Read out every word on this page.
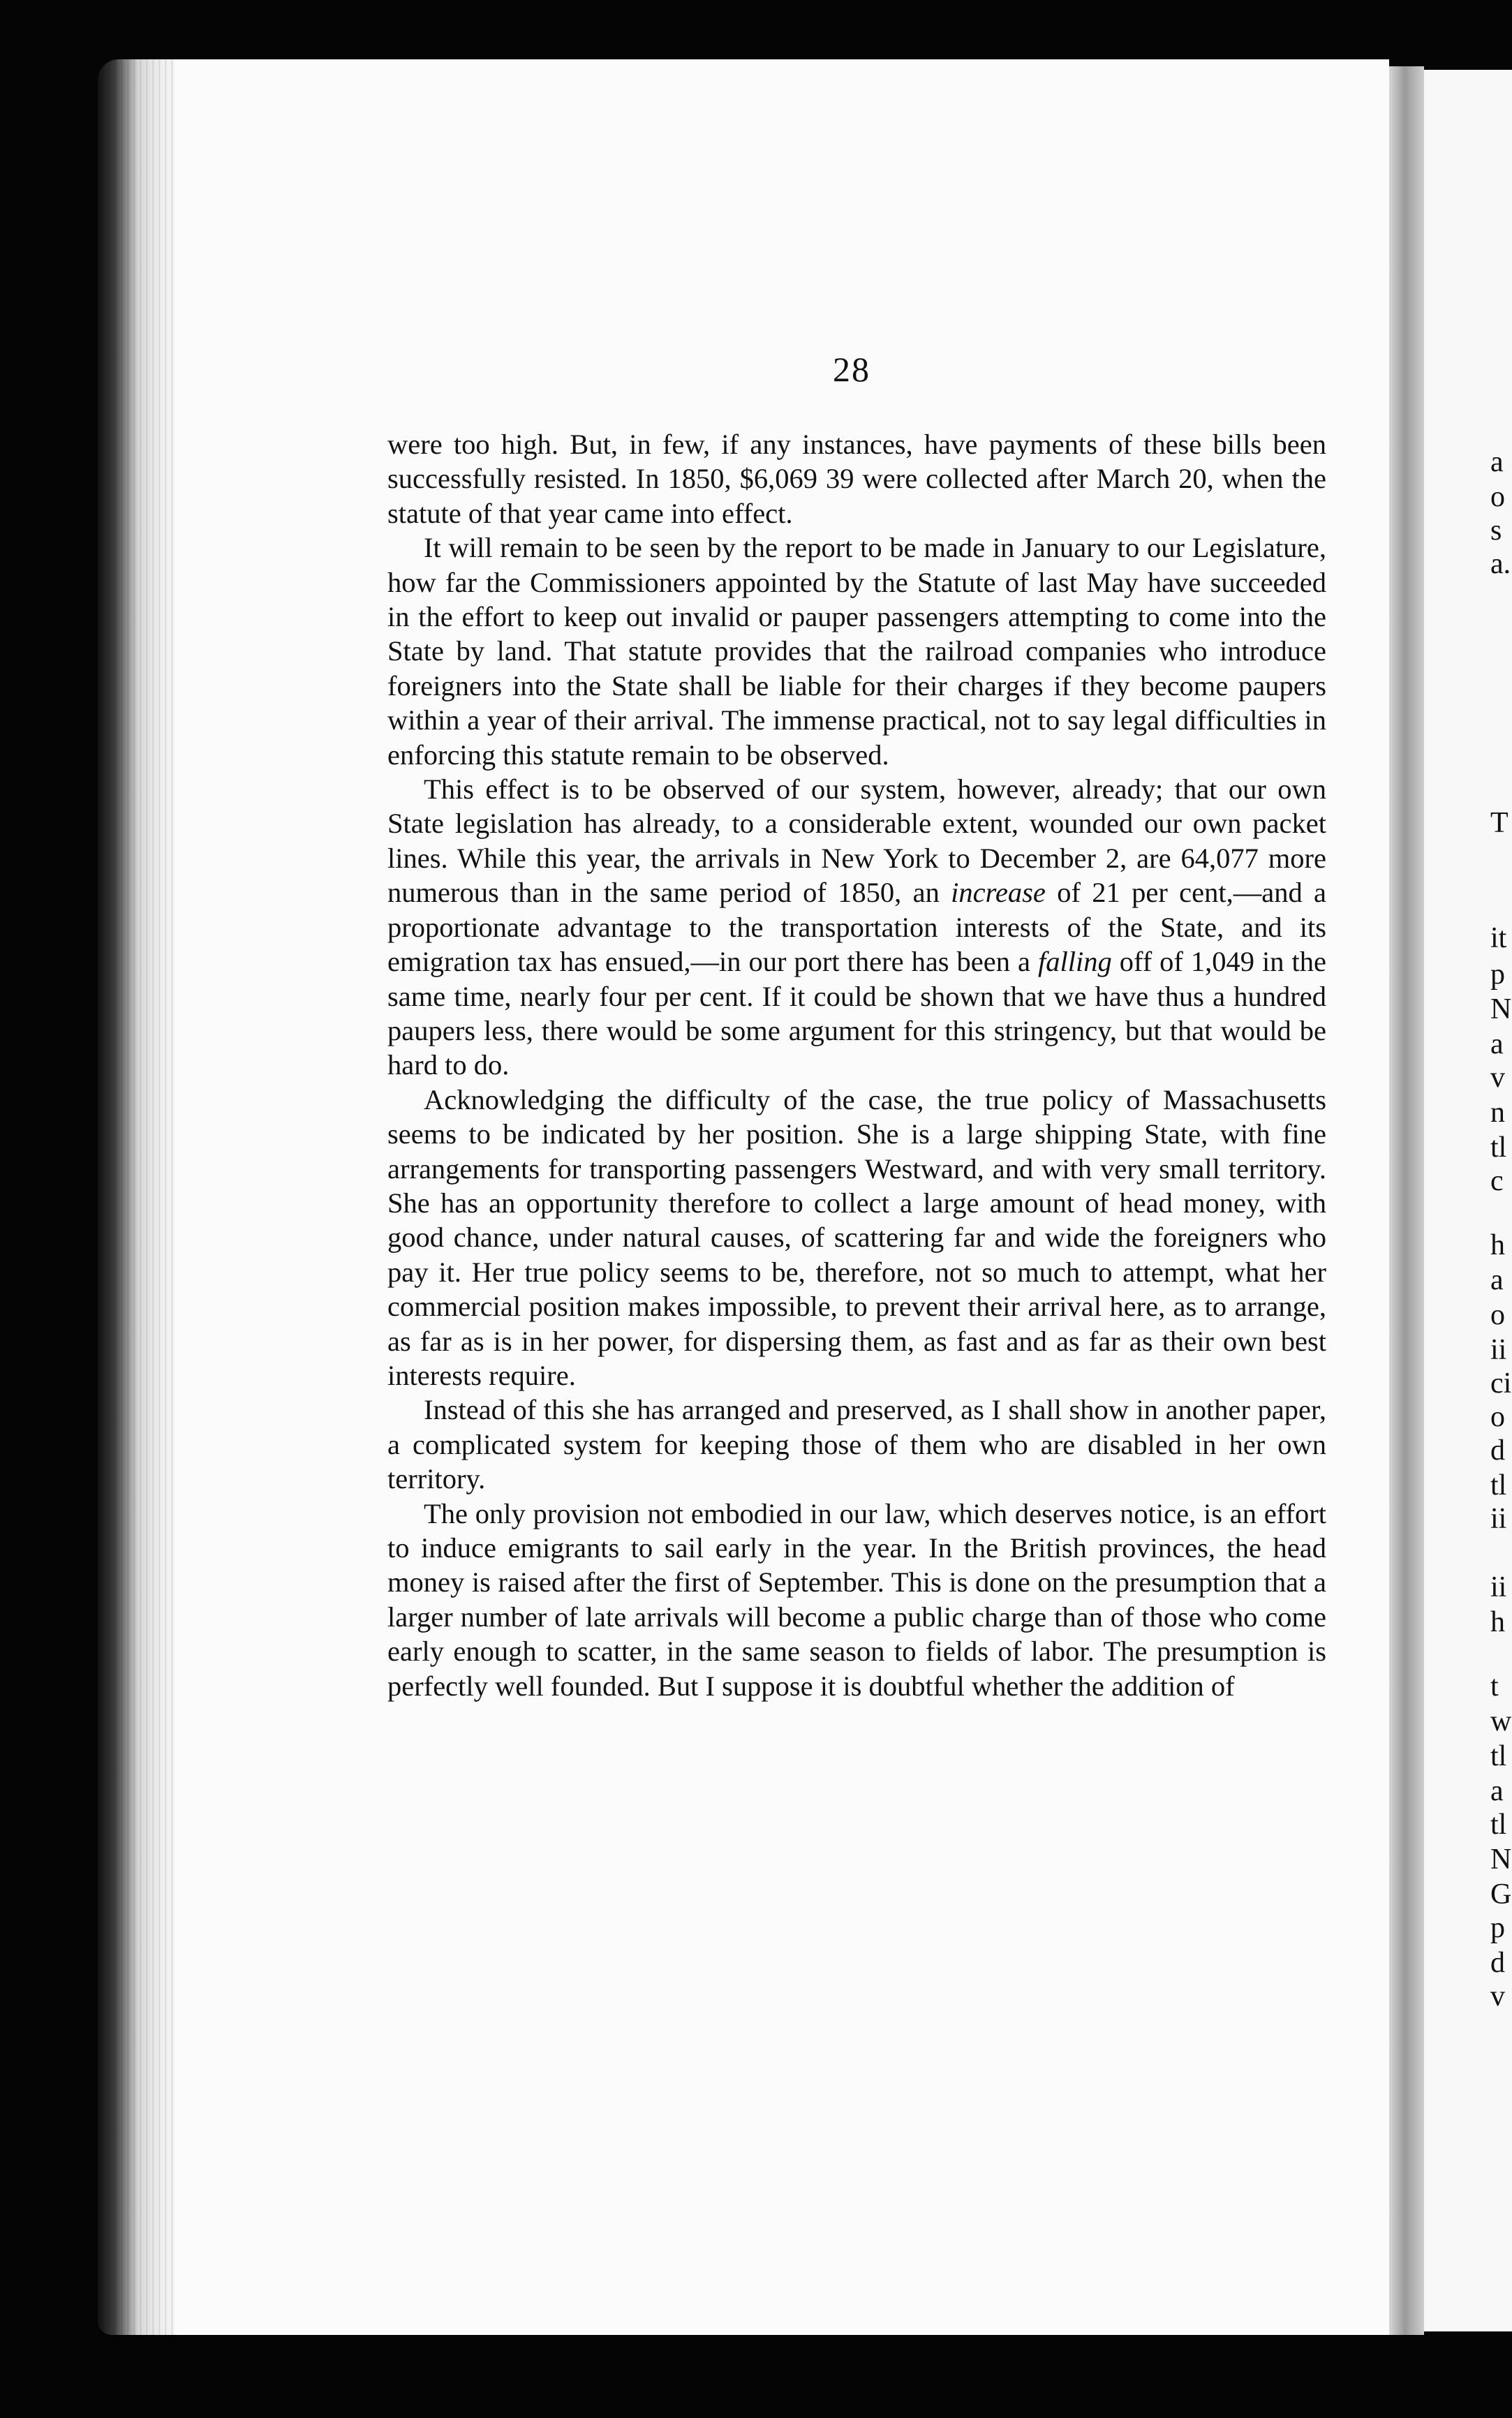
a
o
s
a.
T
it
p
N
a
v
n
tl
c
h
a
o
ii
ci
o
d
tl
ii
ii
h
t
w
tl
a
tl
N
G
p
d
v
28

were too high. But, in few, if any instances, have payments of these bills been successfully resisted. In 1850, $6,069 39 were collected after March 20, when the statute of that year came into effect.

It will remain to be seen by the report to be made in January to our Legislature, how far the Commissioners appointed by the Statute of last May have succeeded in the effort to keep out invalid or pauper passengers attempting to come into the State by land. That statute provides that the railroad companies who introduce foreigners into the State shall be liable for their charges if they become paupers within a year of their arrival. The immense practical, not to say legal difficulties in enforcing this statute remain to be observed.

This effect is to be observed of our system, however, already; that our own State legislation has already, to a considerable extent, wounded our own packet lines. While this year, the arrivals in New York to December 2, are 64,077 more numerous than in the same period of 1850, an increase of 21 per cent,—and a proportionate advantage to the transportation interests of the State, and its emigration tax has ensued,—in our port there has been a falling off of 1,049 in the same time, nearly four per cent. If it could be shown that we have thus a hundred paupers less, there would be some argument for this stringency, but that would be hard to do.

Acknowledging the difficulty of the case, the true policy of Massachusetts seems to be indicated by her position. She is a large shipping State, with fine arrangements for transporting passengers Westward, and with very small territory. She has an opportunity therefore to collect a large amount of head money, with good chance, under natural causes, of scattering far and wide the foreigners who pay it. Her true policy seems to be, therefore, not so much to attempt, what her commercial position makes impossible, to prevent their arrival here, as to arrange, as far as is in her power, for dispersing them, as fast and as far as their own best interests require.

Instead of this she has arranged and preserved, as I shall show in another paper, a complicated system for keeping those of them who are disabled in her own territory.

The only provision not embodied in our law, which deserves notice, is an effort to induce emigrants to sail early in the year. In the British provinces, the head money is raised after the first of September. This is done on the presumption that a larger number of late arrivals will become a public charge than of those who come early enough to scatter, in the same season to fields of labor. The presumption is perfectly well founded. But I suppose it is doubtful whether the addition of
